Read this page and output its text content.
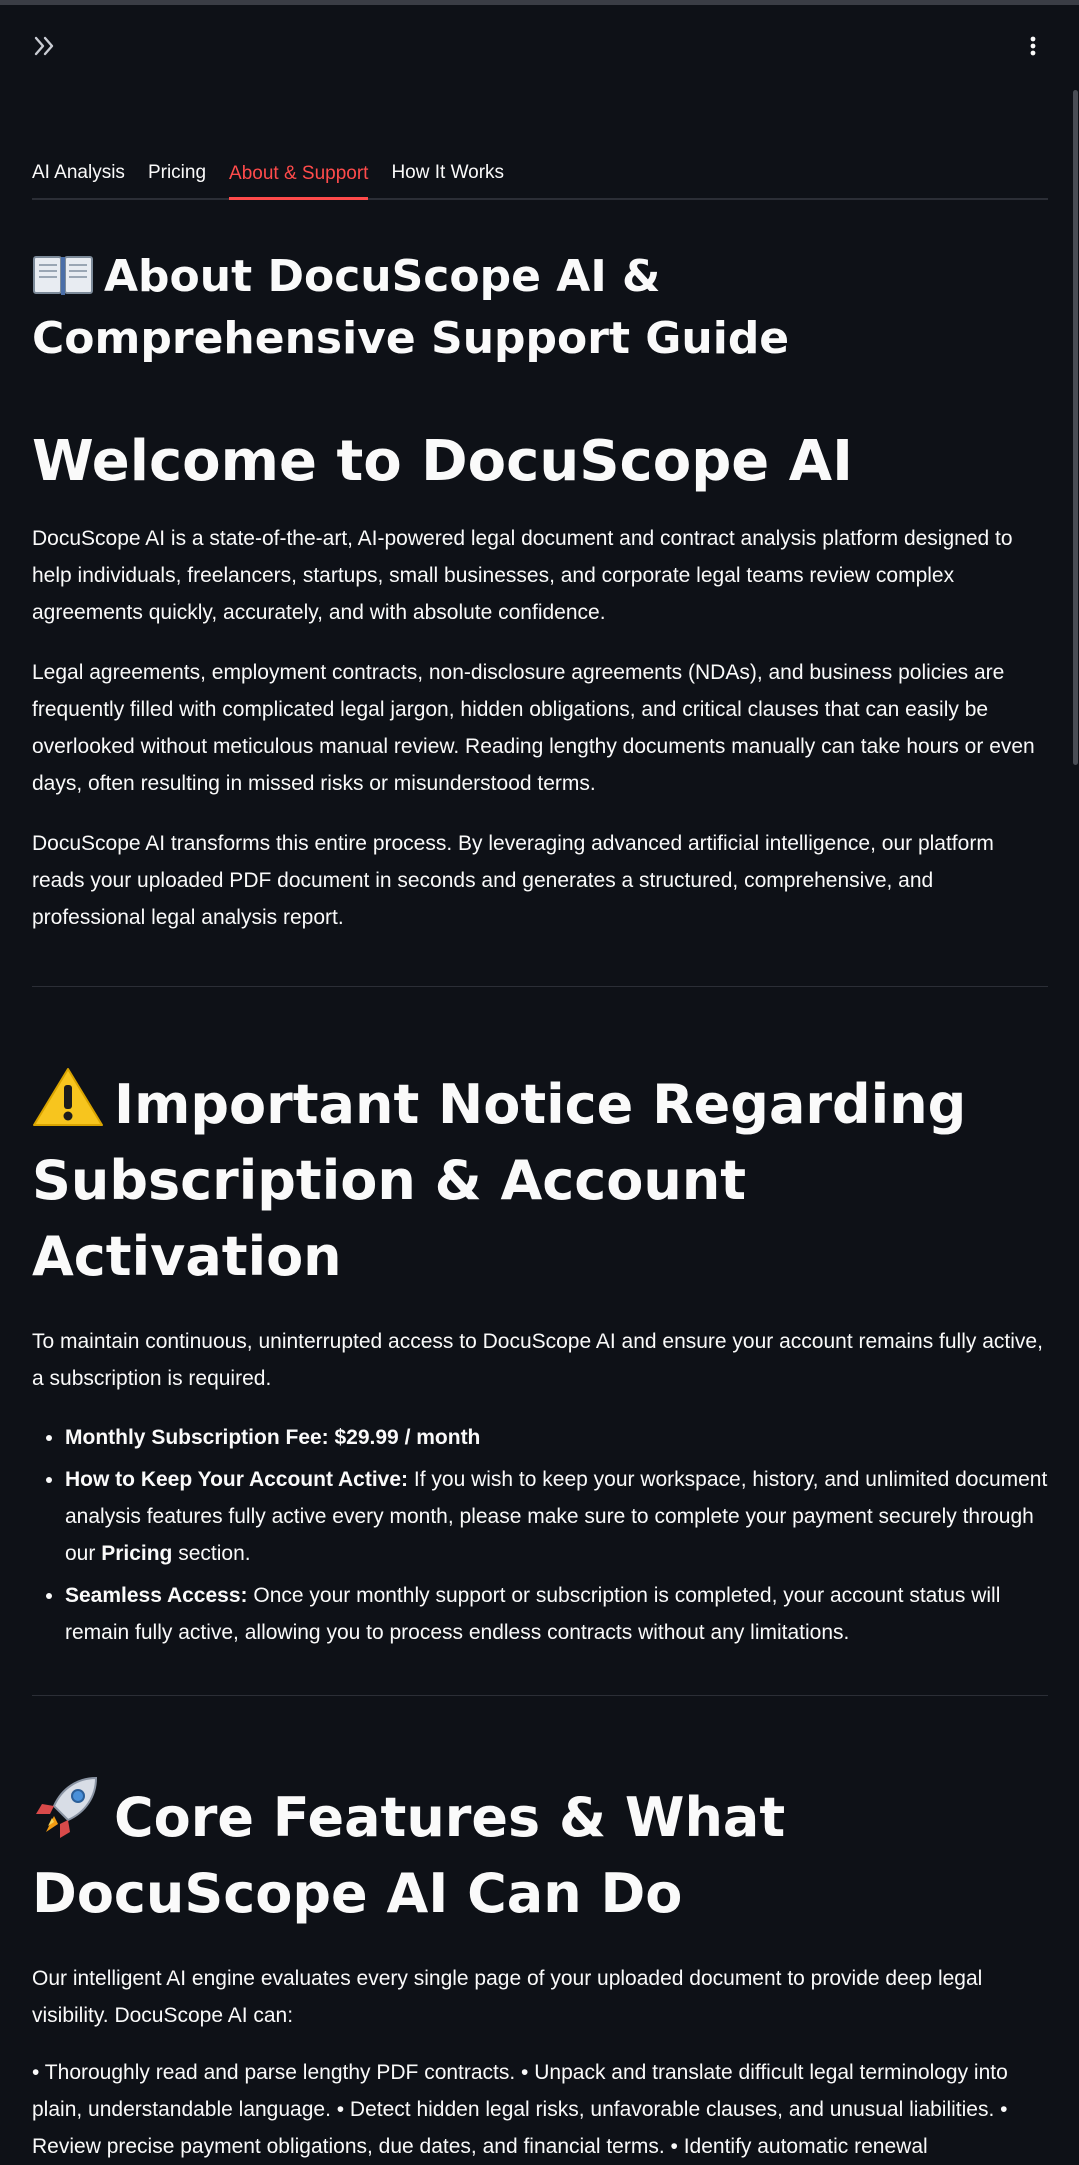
AI Analysis Pricing About & Support How It Works
About DocuScope AI & Comprehensive Support Guide
Welcome to DocuScope AI

DocuScope AI is a state-of-the-art, AI-powered legal document and contract analysis platform designed to help individuals, freelancers, startups, small businesses, and corporate legal teams review complex agreements quickly, accurately, and with absolute confidence.

Legal agreements, employment contracts, non-disclosure agreements (NDAs), and business policies are frequently filled with complicated legal jargon, hidden obligations, and critical clauses that can easily be overlooked without meticulous manual review. Reading lengthy documents manually can take hours or even days, often resulting in missed risks or misunderstood terms.

DocuScope AI transforms this entire process. By leveraging advanced artificial intelligence, our platform reads your uploaded PDF document in seconds and generates a structured, comprehensive, and professional legal analysis report.

Important Notice Regarding Subscription & Account Activation

To maintain continuous, uninterrupted access to DocuScope AI and ensure your account remains fully active, a subscription is required.

• Monthly Subscription Fee: $29.99 / month
• How to Keep Your Account Active: If you wish to keep your workspace, history, and unlimited document analysis features fully active every month, please make sure to complete your payment securely through our Pricing section.
• Seamless Access: Once your monthly support or subscription is completed, your account status will remain fully active, allowing you to process endless contracts without any limitations.
Core Features & What DocuScope AI Can Do

Our intelligent AI engine evaluates every single page of your uploaded document to provide deep legal visibility. DocuScope AI can:

• Thoroughly read and parse lengthy PDF contracts. • Unpack and translate difficult legal terminology into plain, understandable language. • Detect hidden legal risks, unfavorable clauses, and unusual liabilities. • Review precise payment obligations, due dates, and financial terms. • Identify automatic renewal
